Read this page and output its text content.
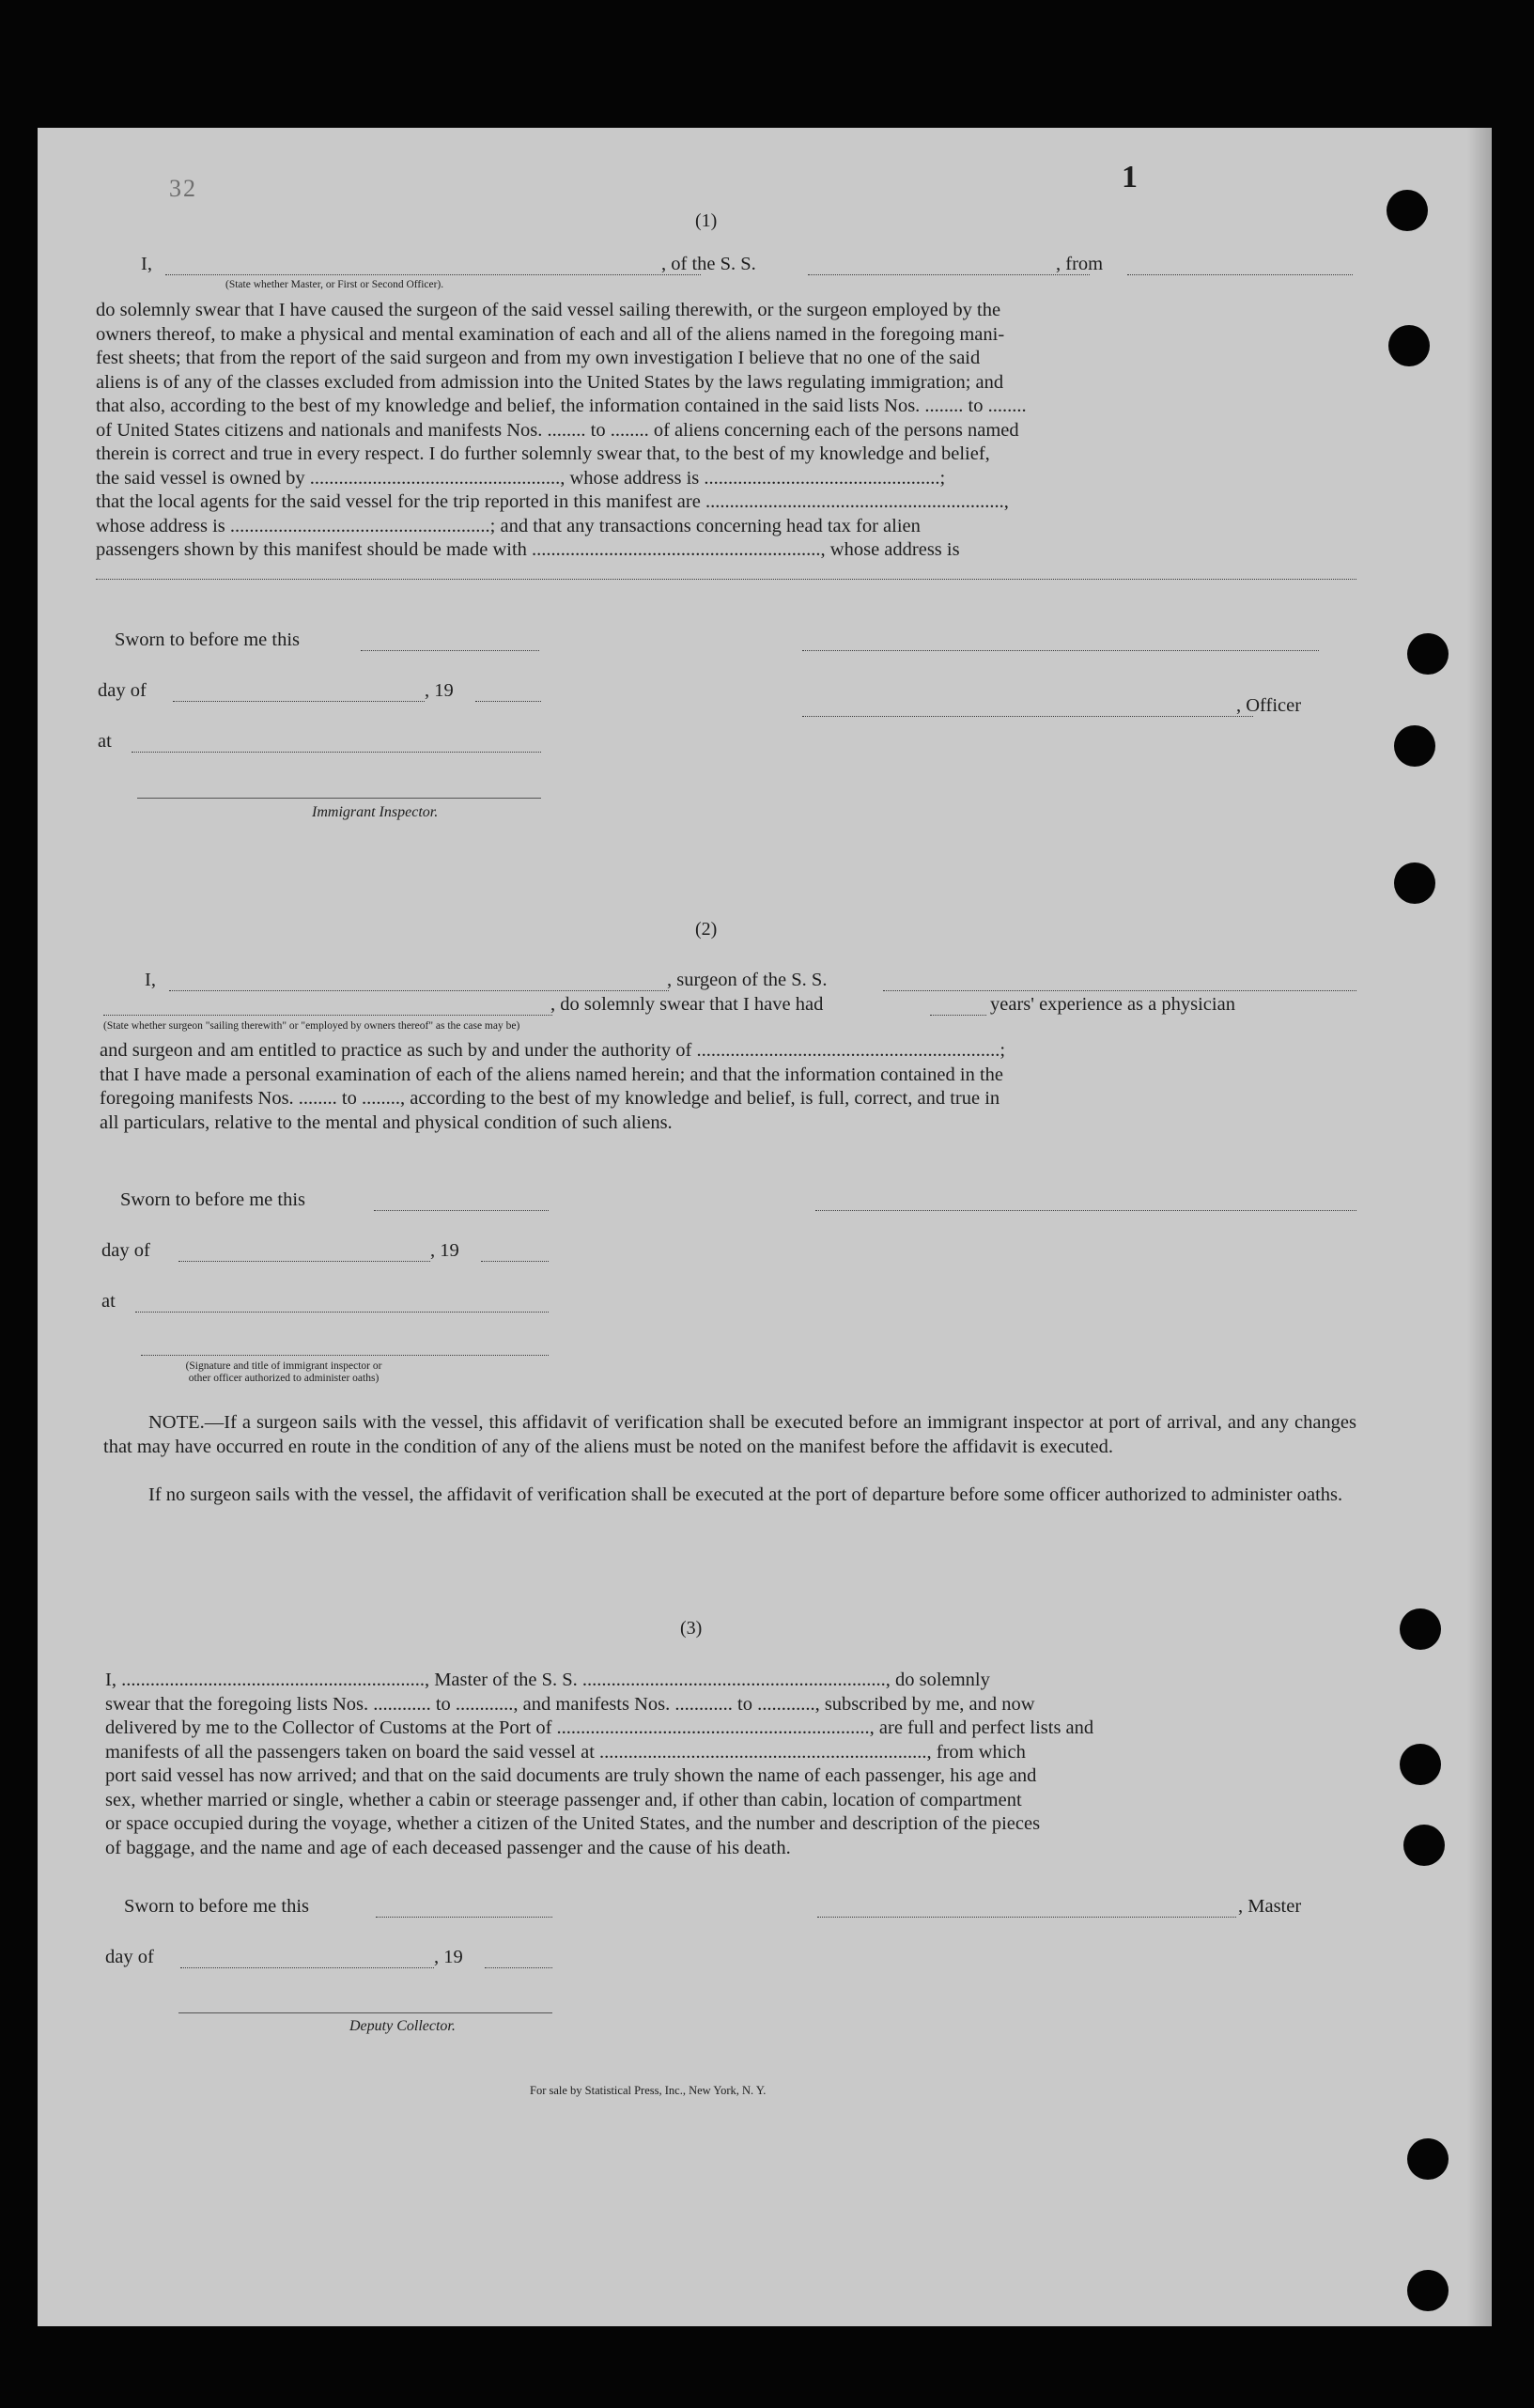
32	1
(1)
I,	, of the S. S.	, from
(State whether Master, or First or Second Officer).
do solemnly swear that I have caused the surgeon of the said vessel sailing therewith, or the surgeon employed by the
owners thereof, to make a physical and mental examination of each and all of the aliens named in the foregoing mani-
fest sheets; that from the report of the said surgeon and from my own investigation I believe that no one of the said
aliens is of any of the classes excluded from admission into the United States by the laws regulating immigration; and
that also, according to the best of my knowledge and belief, the information contained in the said lists Nos. ........ to ........
of United States citizens and nationals and manifests Nos. ........ to ........ of aliens concerning each of the persons named
therein is correct and true in every respect. I do further solemnly swear that, to the best of my knowledge and belief,
the said vessel is owned by ...................................................., whose address is .................................................;
that the local agents for the said vessel for the trip reported in this manifest are ..............................................................,
whose address is ......................................................; and that any transactions concerning head tax for alien
passengers shown by this manifest should be made with ............................................................, whose address is
Sworn to before me this
day of	, 19
at
Immigrant Inspector.
, Officer
(2)
I,	, surgeon of the S. S.
, do solemnly swear that I have had	years' experience as a physician
(State whether surgeon "sailing therewith" or "employed by owners thereof" as the case may be)
and surgeon and am entitled to practice as such by and under the authority of ...............................................................;
that I have made a personal examination of each of the aliens named herein; and that the information contained in the
foregoing manifests Nos. ........ to ........, according to the best of my knowledge and belief, is full, correct, and true in
all particulars, relative to the mental and physical condition of such aliens.
Sworn to before me this
day of	, 19
at
(Signature and title of immigrant inspector or
other officer authorized to administer oaths)
NOTE.—If a surgeon sails with the vessel, this affidavit of verification shall be executed before an immigrant inspector at port of arrival, and any changes that may have occurred en route in the condition of any of the aliens must be noted on the manifest before the affidavit is executed.
If no surgeon sails with the vessel, the affidavit of verification shall be executed at the port of departure before some officer authorized to administer oaths.
(3)
I, ..............................................................., Master of the S. S. ..............................................................., do solemnly
swear that the foregoing lists Nos. ............ to ............, and manifests Nos. ............ to ............, subscribed by me, and now
delivered by me to the Collector of Customs at the Port of ................................................................., are full and perfect lists and
manifests of all the passengers taken on board the said vessel at ...................................................................., from which
port said vessel has now arrived; and that on the said documents are truly shown the name of each passenger, his age and
sex, whether married or single, whether a cabin or steerage passenger and, if other than cabin, location of compartment
or space occupied during the voyage, whether a citizen of the United States, and the number and description of the pieces
of baggage, and the name and age of each deceased passenger and the cause of his death.
Sworn to before me this
day of	, 19
Deputy Collector.
, Master
For sale by Statistical Press, Inc., New York, N. Y.
